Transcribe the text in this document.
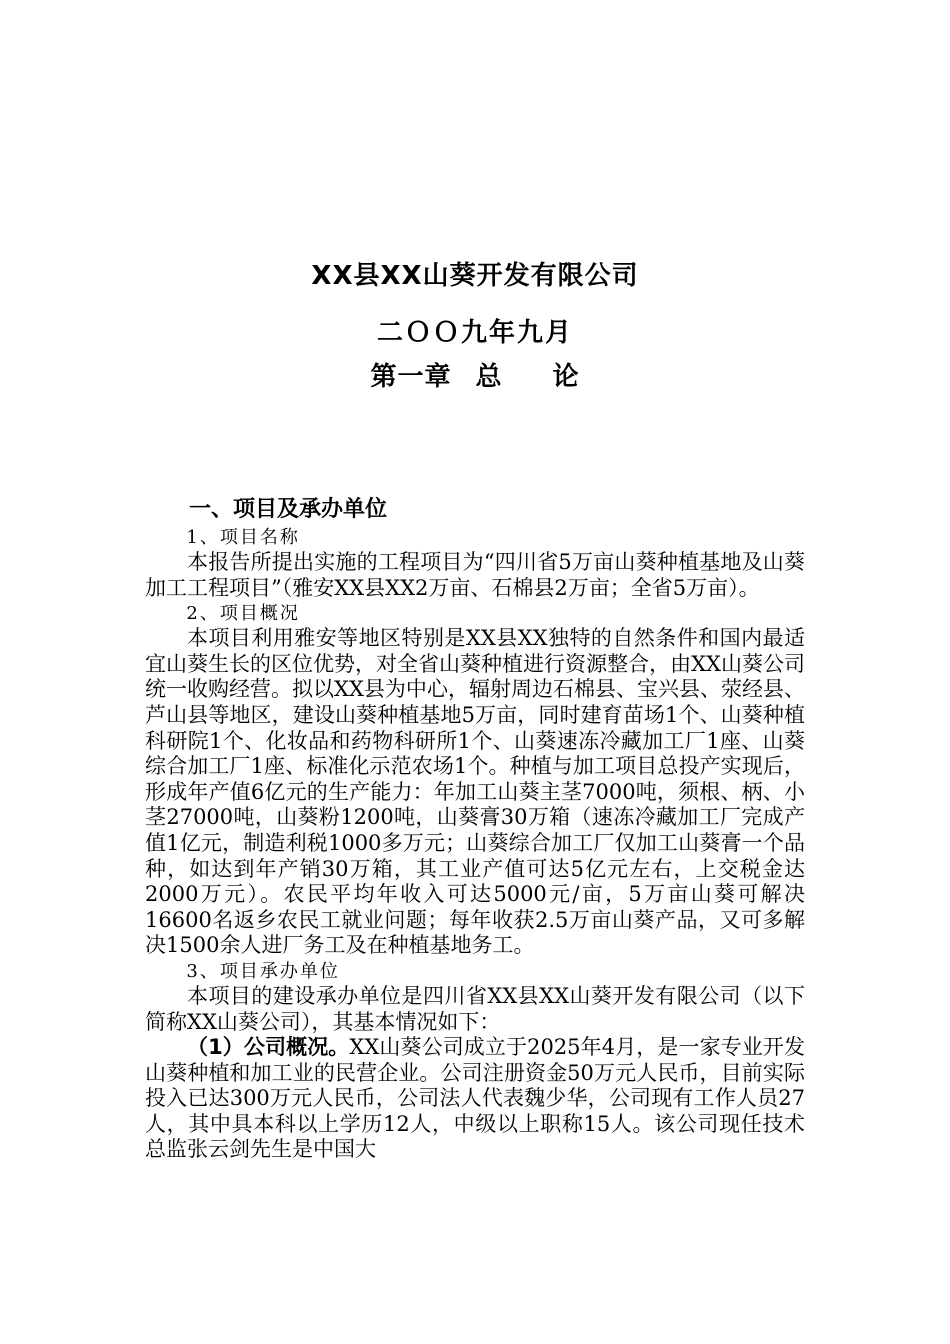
XX县XX山葵开发有限公司
二ＯＯ九年九月
第一章 总 论
一、项目及承办单位
1、项目名称

本报告所提出实施的工程项目为“四川省5万亩山葵种植基地及山葵加工工程项目”（雅安XX县XX2万亩、石棉县2万亩；全省5万亩）。

2、项目概况

本项目利用雅安等地区特别是XX县XX独特的自然条件和国内最适宜山葵生长的区位优势，对全省山葵种植进行资源整合，由XX山葵公司统一收购经营。拟以XX县为中心，辐射周边石棉县、宝兴县、荥经县、芦山县等地区，建设山葵种植基地5万亩，同时建育苗场1个、山葵种植科研院1个、化妆品和药物科研所1个、山葵速冻冷藏加工厂1座、山葵综合加工厂1座、标准化示范农场1个。种植与加工项目总投产实现后，形成年产值6亿元的生产能力：年加工山葵主茎7000吨，须根、柄、小茎27000吨，山葵粉1200吨，山葵膏30万箱（速冻冷藏加工厂完成产值1亿元，制造利税1000多万元；山葵综合加工厂仅加工山葵膏一个品种，如达到年产销30万箱，其工业产值可达5亿元左右，上交税金达2000万元）。农民平均年收入可达5000元/亩，5万亩山葵可解决16600名返乡农民工就业问题；每年收获2.5万亩山葵产品，又可多解决1500余人进厂务工及在种植基地务工。

3、项目承办单位

本项目的建设承办单位是四川省XX县XX山葵开发有限公司（以下简称XX山葵公司），其基本情况如下：

（1）公司概况。XX山葵公司成立于2025年4月，是一家专业开发山葵种植和加工业的民营企业。公司注册资金50万元人民币，目前实际投入已达300万元人民币，公司法人代表魏少华，公司现有工作人员27人，其中具本科以上学历12人，中级以上职称15人。该公司现任技术总监张云剑先生是中国大
